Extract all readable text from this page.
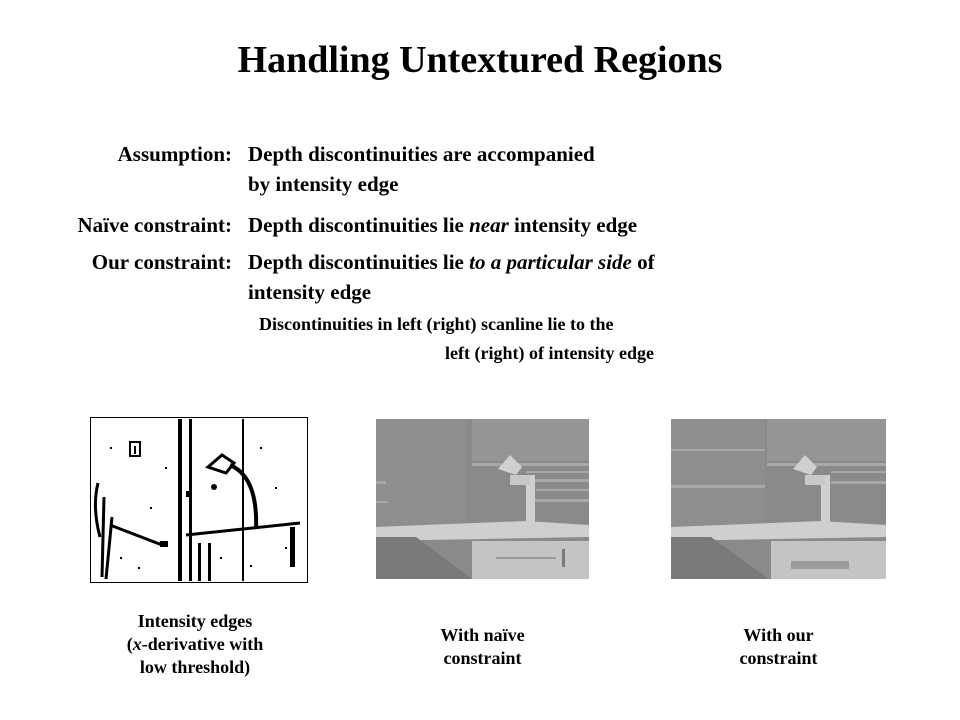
Handling Untextured Regions
Assumption: Depth discontinuities are accompanied
by intensity edge
Naïve constraint: Depth discontinuities lie near intensity edge
Our constraint: Depth discontinuities lie to a particular side of
intensity edge
Discontinuities in left (right) scanline lie to the
left (right) of intensity edge
Intensity edges
(x-derivative with
low threshold)
With naïve
constraint
With our
constraint
